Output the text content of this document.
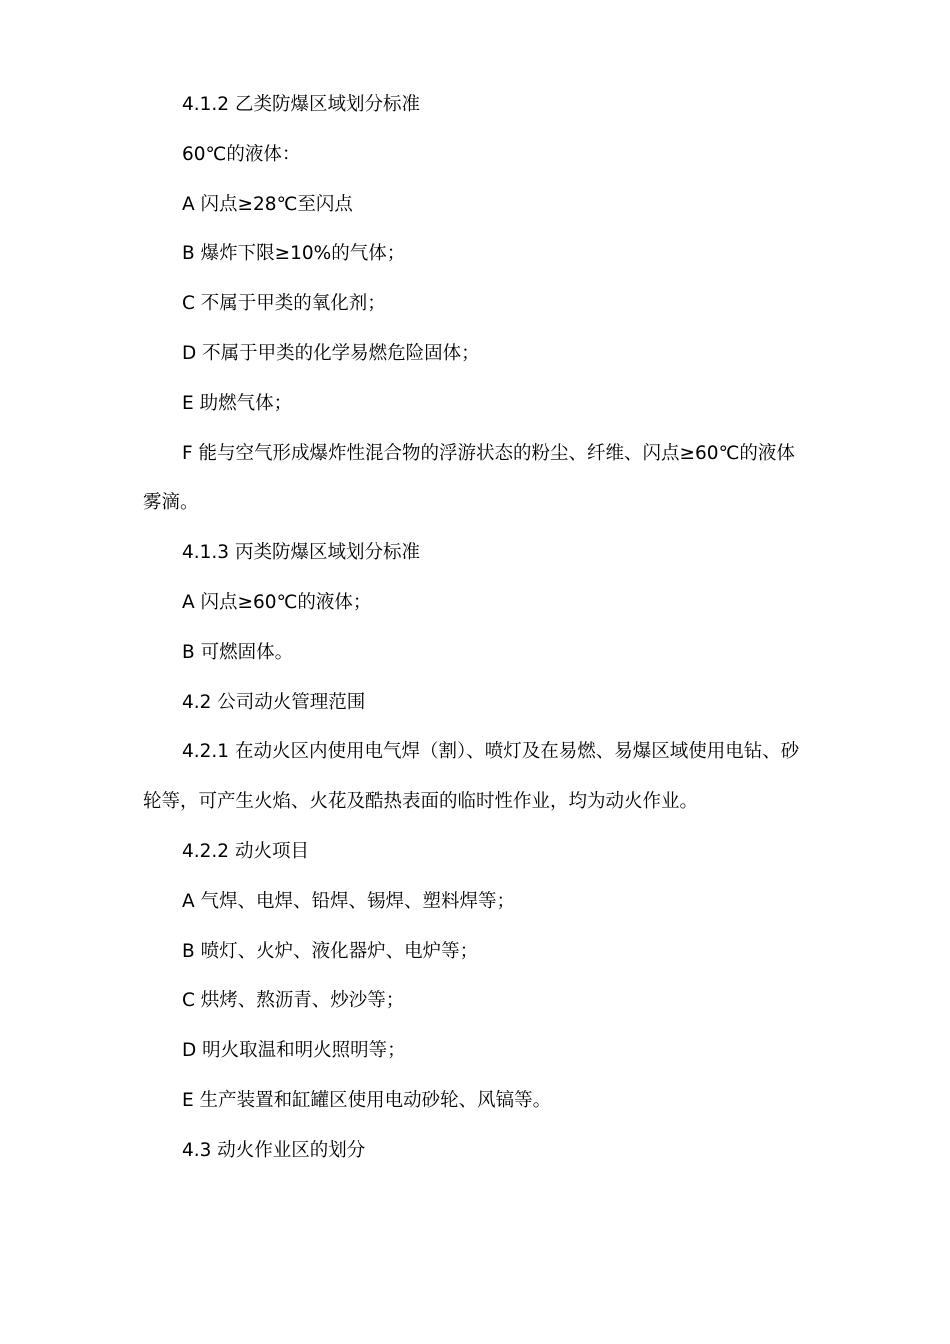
4.1.2 乙类防爆区域划分标准

60℃的液体：

A 闪点≥28℃至闪点

B 爆炸下限≥10%的气体；

C 不属于甲类的氧化剂；

D 不属于甲类的化学易燃危险固体；

E 助燃气体；

F 能与空气形成爆炸性混合物的浮游状态的粉尘、纤维、闪点≥60℃的液体雾滴。

4.1.3 丙类防爆区域划分标准

A 闪点≥60℃的液体；

B 可燃固体。

4.2 公司动火管理范围

4.2.1 在动火区内使用电气焊（割）、喷灯及在易燃、易爆区域使用电钻、砂轮等，可产生火焰、火花及酷热表面的临时性作业，均为动火作业。

4.2.2 动火项目

A 气焊、电焊、铅焊、锡焊、塑料焊等；

B 喷灯、火炉、液化器炉、电炉等；

C 烘烤、熬沥青、炒沙等；

D 明火取温和明火照明等；

E 生产装置和缸罐区使用电动砂轮、风镐等。

4.3 动火作业区的划分
